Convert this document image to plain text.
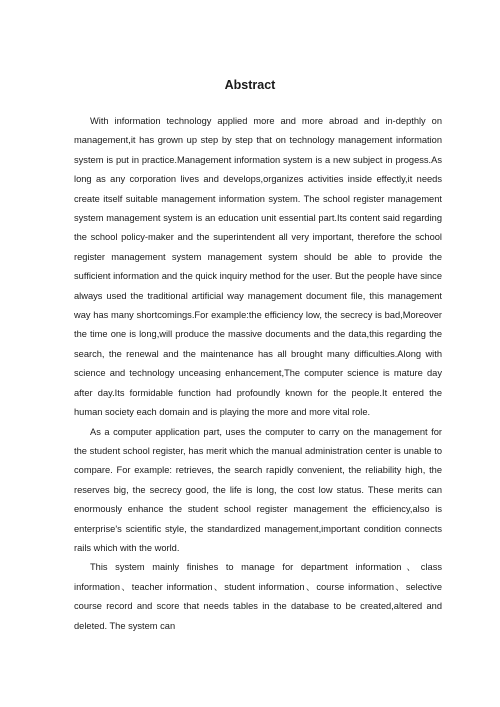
Abstract

With information technology applied more and more abroad and in-depthly on management,it has grown up step by step that on technology management information system is put in practice.Management information system is a new subject in progess.As long as any corporation lives and develops,organizes activities inside effectly,it needs create itself suitable management information system. The school register management system management system is an education unit essential part.Its content said regarding the school policy-maker and the superintendent all very important, therefore the school register management system management system should be able to provide the sufficient information and the quick inquiry method for the user. But the people have since always used the traditional artificial way management document file, this management way has many shortcomings.For example:the efficiency low, the secrecy is bad,Moreover the time one is long,will produce the massive documents and the data,this regarding the search, the renewal and the maintenance has all brought many difficulties.Along with science and technology unceasing enhancement,The computer science is mature day after day.Its formidable function had profoundly known for the people.It entered the human society each domain and is playing the more and more vital role.

As a computer application part, uses the computer to carry on the management for the student school register, has merit which the manual administration center is unable to compare. For example: retrieves, the search rapidly convenient, the reliability high, the reserves big, the secrecy good, the life is long, the cost low status. These merits can enormously enhance the student school register management the efficiency,also is enterprise's scientific style, the standardized management,important condition connects rails which with the world.

This system mainly finishes to manage for department information、class information、teacher information、student information、course information、selective course record and score that needs tables in the database to be created,altered and deleted. The system can
